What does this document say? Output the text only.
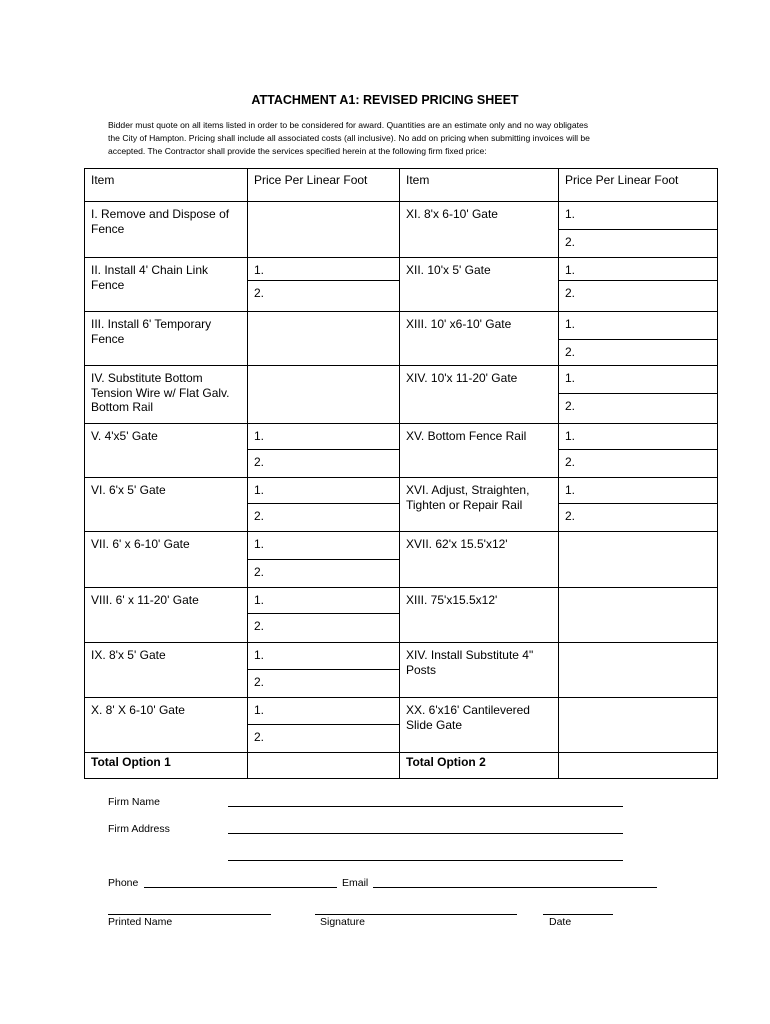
ATTACHMENT A1: REVISED PRICING SHEET
Bidder must quote on all items listed in order to be considered for award. Quantities are an estimate only and no way obligates
the City of Hampton. Pricing shall include all associated costs (all inclusive). No add on pricing when submitting invoices will be
accepted. The Contractor shall provide the services specified herein at the following firm fixed price:
Item	Price Per Linear Foot	Item	Price Per Linear Foot
I. Remove and Dispose of Fence		XI. 8'x 6-10' Gate	1.
			2.
II. Install 4' Chain Link Fence	1.	XII. 10'x 5' Gate	1.
	2.		2.
III. Install 6' Temporary Fence		XIII. 10' x6-10' Gate	1.
			2.
IV. Substitute Bottom Tension Wire w/ Flat Galv. Bottom Rail		XIV. 10'x 11-20' Gate	1.
			2.
V. 4'x5' Gate	1.	XV. Bottom Fence Rail	1.
	2.		2.
VI. 6'x 5' Gate	1.	XVI. Adjust, Straighten, Tighten or Repair Rail	1.
	2.		2.
VII. 6' x 6-10' Gate	1.	XVII. 62'x 15.5'x12'	
	2.		
VIII. 6' x 11-20' Gate	1.	XIII. 75'x15.5x12'	
	2.		
IX. 8'x 5' Gate	1.	XIV. Install Substitute 4" Posts	
	2.		
X. 8' X 6-10' Gate	1.	XX. 6'x16' Cantilevered Slide Gate	
	2.		
Total Option 1		Total Option 2	
Firm Name
Firm Address
Phone	Email
Printed Name	Signature	Date
